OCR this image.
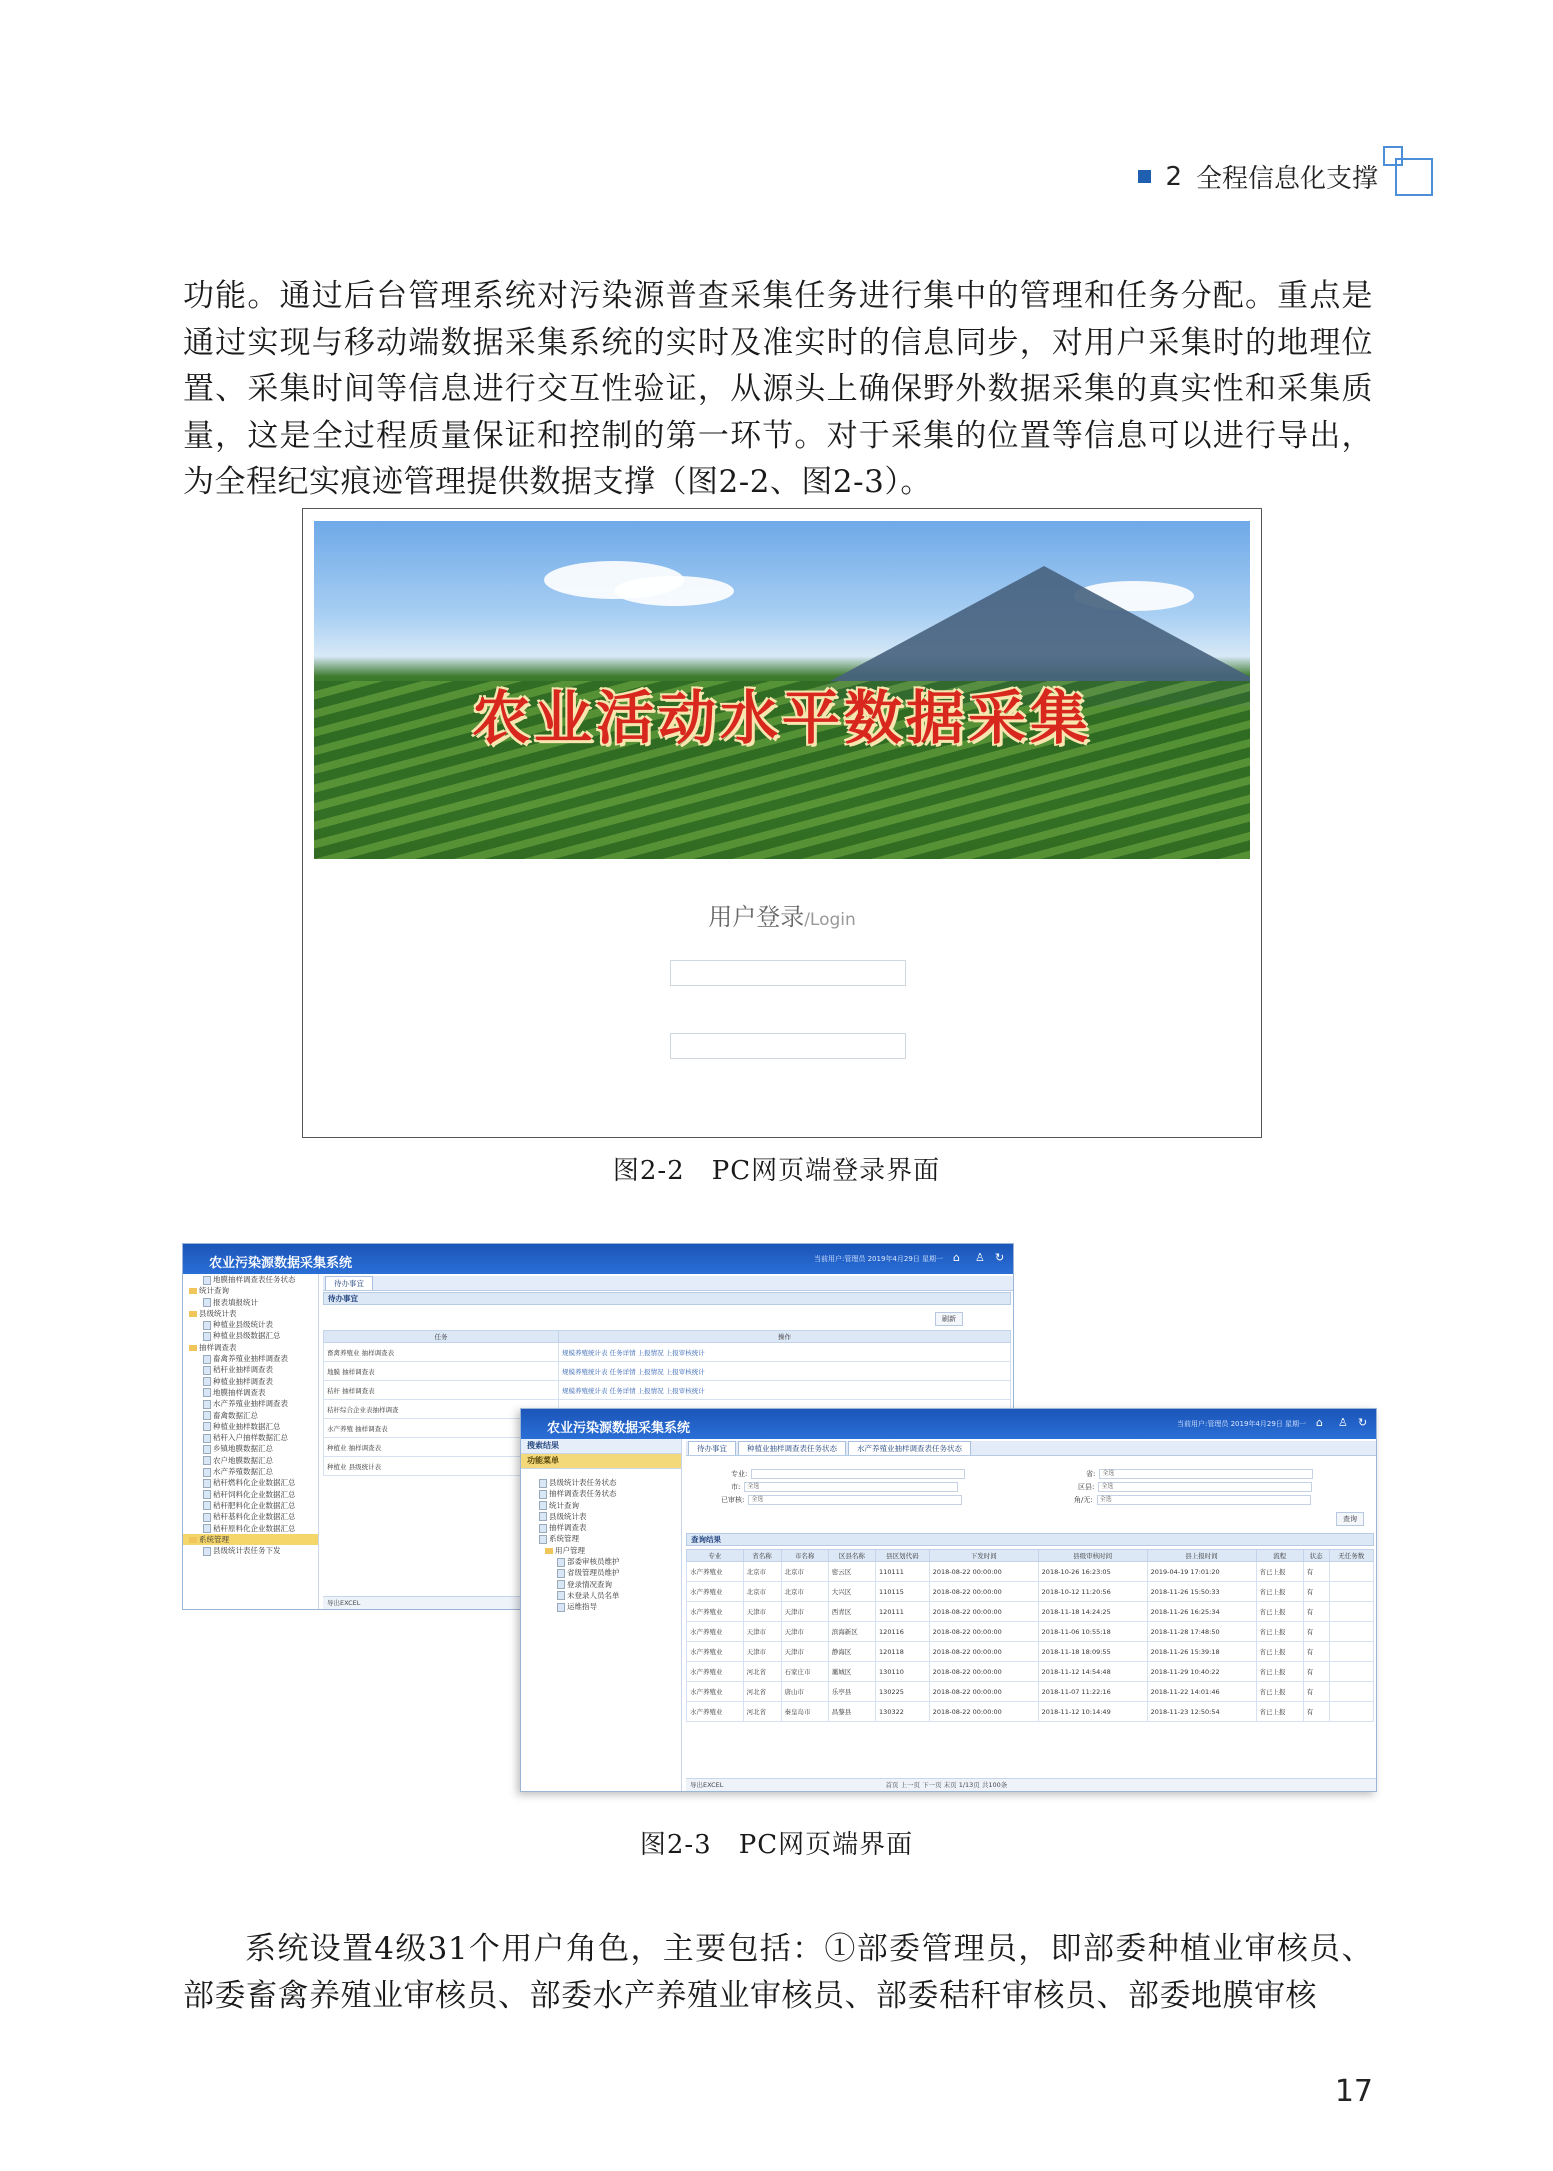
2 全程信息化支撑

功能。通过后台管理系统对污染源普查采集任务进行集中的管理和任务分配。重点是通过实现与移动端数据采集系统的实时及准实时的信息同步，对用户采集时的地理位置、采集时间等信息进行交互性验证，从源头上确保野外数据采集的真实性和采集质量，这是全过程质量保证和控制的第一环节。对于采集的位置等信息可以进行导出，为全程纪实痕迹管理提供数据支撑（图2-2、图2-3）。

农业活动水平数据采集
用户登录/Login
图2-2　PC网页端登录界面
农业污染源数据采集系统	当前用户:管理员 2019年4月29日 星期一 ⌂	♙ ↻
地膜抽样调查表任务状态
统计查询
报表填报统计
县级统计表
种植业县级统计表
种植业县级数据汇总
抽样调查表
畜禽养殖业抽样调查表
秸秆业抽样调查表
种植业抽样调查表
地膜抽样调查表
水产养殖业抽样调查表
畜禽数据汇总
种植业抽样数据汇总
秸秆入户抽样数据汇总
乡镇地膜数据汇总
农户地膜数据汇总
水产养殖数据汇总
秸秆燃料化企业数据汇总
秸秆饲料化企业数据汇总
秸秆肥料化企业数据汇总
秸秆基料化企业数据汇总
秸秆原料化企业数据汇总
系统管理
县级统计表任务下发
待办事宜
待办事宜
刷新
任务	操作
畜禽养殖业 抽样调查表	规模养殖统计表 任务详情 上报情况 上报审核统计
地膜 抽样调查表	规模养殖统计表 任务详情 上报情况 上报审核统计
秸秆 抽样调查表	规模养殖统计表 任务详情 上报情况 上报审核统计
秸秆综合企业表抽样调查	
水产养殖 抽样调查表	
种植业 抽样调查表	
种植业 县级统计表	
导出EXCEL
农业污染源数据采集系统	当前用户:管理员 2019年4月29日 星期一 ⌂	♙ ↻
搜索结果
功能菜单
县级统计表任务状态
抽样调查表任务状态
统计查询
县级统计表
抽样调查表
系统管理
用户管理
部委审核员维护
省级管理员维护
登录情况查询
未登录人员名单
运维指导
待办事宜	种植业抽样调查表任务状态	水产养殖业抽样调查表任务状态
专业:
市: 全选
已审核: 全选
省: 全选
区县: 全选
角/无: 全选
查询
查询结果
专业	省名称	市名称	区县名称	县区划代码	下发时间	县级审核时间	县上报时间	流程	状态	无任务数
水产养殖业	北京市	北京市	密云区	110111	2018-08-22 00:00:00	2018-10-26 16:23:05	2019-04-19 17:01:20	省已上报	有	
水产养殖业	北京市	北京市	大兴区	110115	2018-08-22 00:00:00	2018-10-12 11:20:56	2018-11-26 15:50:33	省已上报	有	
水产养殖业	天津市	天津市	西青区	120111	2018-08-22 00:00:00	2018-11-18 14:24:25	2018-11-26 16:25:34	省已上报	有	
水产养殖业	天津市	天津市	滨海新区	120116	2018-08-22 00:00:00	2018-11-06 10:55:18	2018-11-28 17:48:50	省已上报	有	
水产养殖业	天津市	天津市	静海区	120118	2018-08-22 00:00:00	2018-11-18 18:09:55	2018-11-26 15:39:18	省已上报	有	
水产养殖业	河北省	石家庄市	藁城区	130110	2018-08-22 00:00:00	2018-11-12 14:54:48	2018-11-29 10:40:22	省已上报	有	
水产养殖业	河北省	唐山市	乐亭县	130225	2018-08-22 00:00:00	2018-11-07 11:22:16	2018-11-22 14:01:46	省已上报	有	
水产养殖业	河北省	秦皇岛市	昌黎县	130322	2018-08-22 00:00:00	2018-11-12 10:14:49	2018-11-23 12:50:54	省已上报	有	
导出EXCEL	首页 上一页 下一页 末页 1/13页 共100条
图2-3　PC网页端界面

系统设置4级31个用户角色，主要包括：①部委管理员，即部委种植业审核员、部委畜禽养殖业审核员、部委水产养殖业审核员、部委秸秆审核员、部委地膜审核

17
